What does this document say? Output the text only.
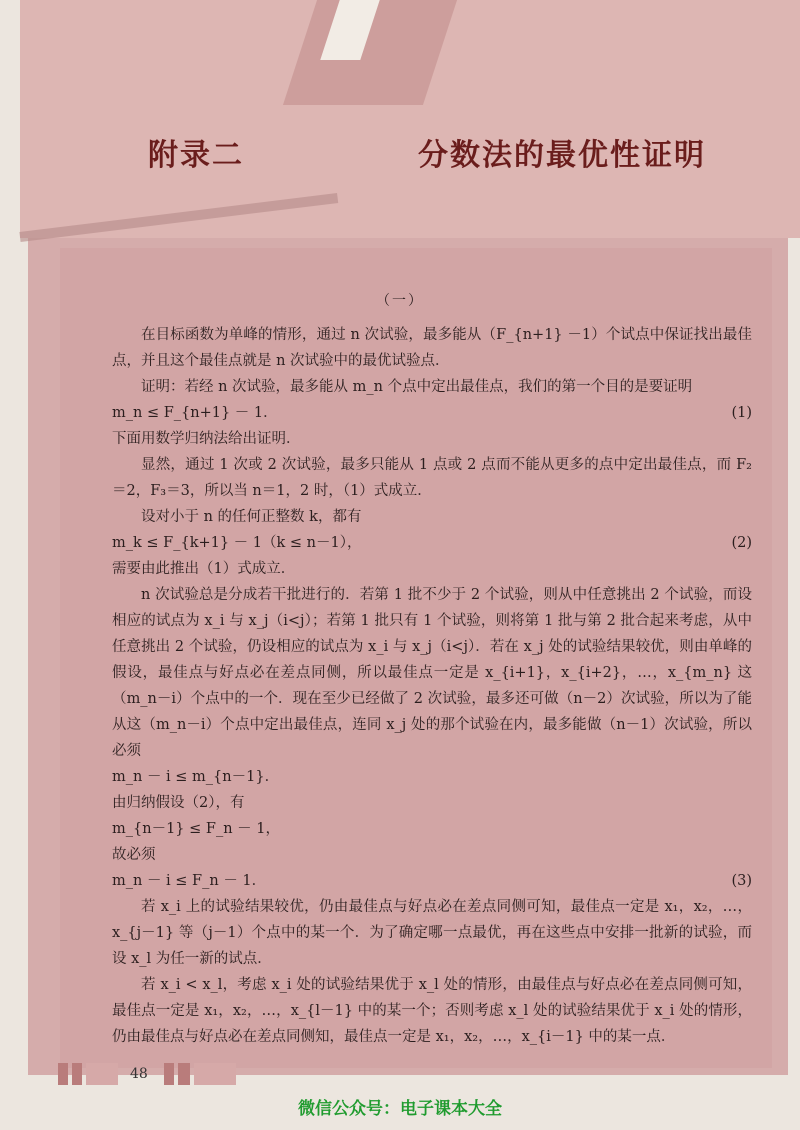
附录二	分数法的最优性证明
（一）

在目标函数为单峰的情形，通过 n 次试验，最多能从（F_{n+1} －1）个试点中保证找出最佳点，并且这个最佳点就是 n 次试验中的最优试验点．

证明：若经 n 次试验，最多能从 m_n 个点中定出最佳点，我们的第一个目的是要证明

m_n ≤ F_{n+1} － 1．	(1)

下面用数学归纳法给出证明．

显然，通过 1 次或 2 次试验，最多只能从 1 点或 2 点而不能从更多的点中定出最佳点，而 F₂＝2，F₃＝3，所以当 n＝1，2 时，（1）式成立．

设对小于 n 的任何正整数 k，都有

m_k ≤ F_{k+1} － 1（k ≤ n－1），	(2)

需要由此推出（1）式成立．

n 次试验总是分成若干批进行的．若第 1 批不少于 2 个试验，则从中任意挑出 2 个试验，而设相应的试点为 x_i 与 x_j（i<j）；若第 1 批只有 1 个试验，则将第 1 批与第 2 批合起来考虑，从中任意挑出 2 个试验，仍设相应的试点为 x_i 与 x_j（i<j）．若在 x_j 处的试验结果较优，则由单峰的假设，最佳点与好点必在差点同侧，所以最佳点一定是 x_{i+1}，x_{i+2}，…，x_{m_n} 这（m_n－i）个点中的一个．现在至少已经做了 2 次试验，最多还可做（n－2）次试验，所以为了能从这（m_n－i）个点中定出最佳点，连同 x_j 处的那个试验在内，最多能做（n－1）次试验，所以必须

m_n － i ≤ m_{n－1}．

由归纳假设（2），有

m_{n－1} ≤ F_n － 1，

故必须

m_n － i ≤ F_n － 1．	(3)

若 x_i 上的试验结果较优，仍由最佳点与好点必在差点同侧可知，最佳点一定是 x₁，x₂，…，x_{j－1} 等（j－1）个点中的某一个．为了确定哪一点最优，再在这些点中安排一批新的试验，而设 x_l 为任一新的试点．

若 x_i < x_l，考虑 x_i 处的试验结果优于 x_l 处的情形，由最佳点与好点必在差点同侧可知，最佳点一定是 x₁，x₂，…，x_{l－1} 中的某一个；否则考虑 x_l 处的试验结果优于 x_i 处的情形，仍由最佳点与好点必在差点同侧知，最佳点一定是 x₁，x₂，…，x_{i－1} 中的某一点．

48
微信公众号：电子课本大全
